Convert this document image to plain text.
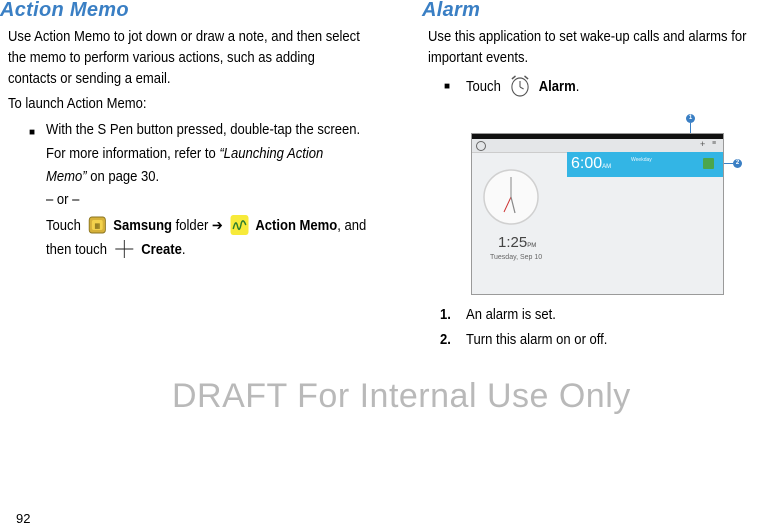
Action Memo
Use Action Memo to jot down or draw a note, and then select
the memo to perform various actions, such as adding
contacts or sending a email.
To launch Action Memo:
■ With the S Pen button pressed, double-tap the screen.
For more information, refer to “Launching Action
Memo” on page 30.
– or –
Touch ▦ Samsung folder ➔ Action Memo, and
then touch Create.
Alarm
Use this application to set wake-up calls and alarms for
important events.
■ Touch	Alarm.
1
2
+ ≡
1:25PM
Tuesday, Sep 10
6:00AM
Weekday
1. An alarm is set.
2. Turn this alarm on or off.
DRAFT For Internal Use Only
92
